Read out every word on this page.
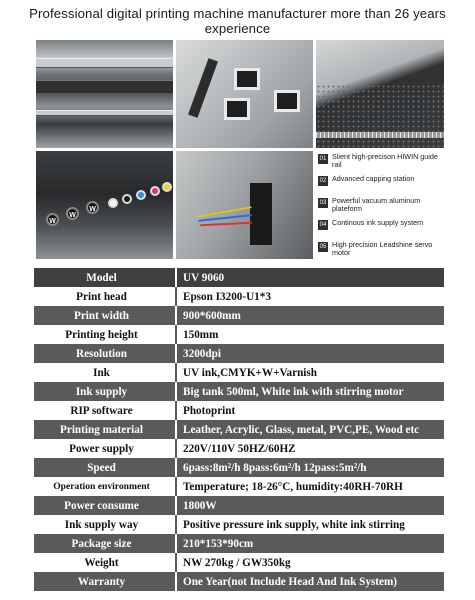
Professional digital printing machine manufacturer more than 26 years experience
W
W
W
01 Slient high-precison HIWIN guide rail
02 Advanced capping station
03 Powerful vacuum aluminum plateform
04 Continous ink supply system
05 High precision Leadshine servo motor
Model	UV 9060
Print head	Epson I3200-U1*3
Print width	900*600mm
Printing height	150mm
Resolution	3200dpi
Ink	UV ink,CMYK+W+Varnish
Ink supply	Big tank 500ml, White ink with stirring motor
RIP software	Photoprint
Printing material	Leather, Acrylic, Glass, metal, PVC,PE, Wood etc
Power supply	220V/110V 50HZ/60HZ
Speed	6pass:8m²/h 8pass:6m²/h 12pass:5m²/h
Operation environment	Temperature; 18-26°C, humidity:40RH-70RH
Power consume	1800W
Ink supply way	Positive pressure ink supply, white ink stirring
Package size	210*153*90cm
Weight	NW 270kg / GW350kg
Warranty	One Year(not Include Head And Ink System)
